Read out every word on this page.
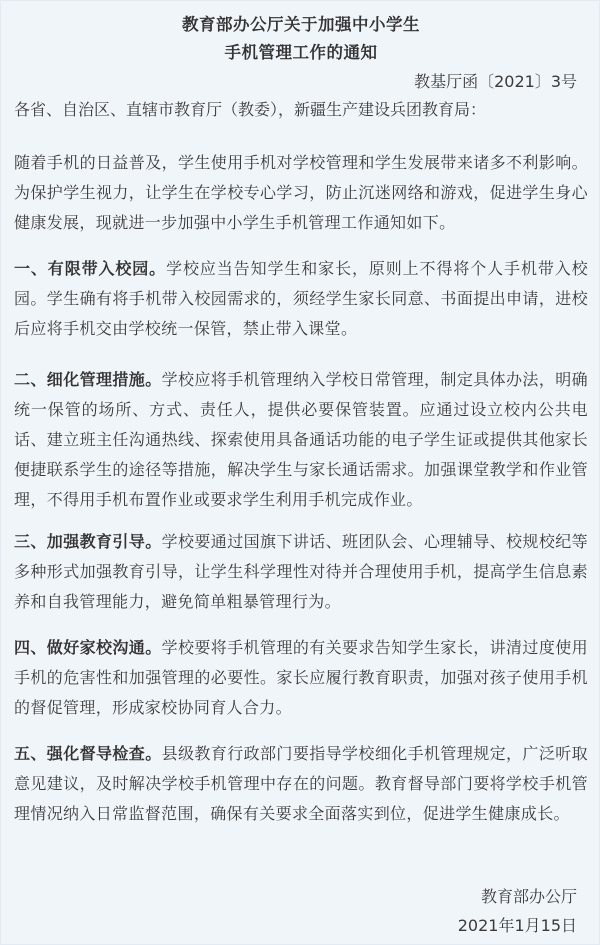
教育部办公厅关于加强中小学生
手机管理工作的通知
教基厅函〔2021〕3号
各省、自治区、直辖市教育厅（教委），新疆生产建设兵团教育局：
随着手机的日益普及，学生使用手机对学校管理和学生发展带来诸多不利影响。为保护学生视力，让学生在学校专心学习，防止沉迷网络和游戏，促进学生身心健康发展，现就进一步加强中小学生手机管理工作通知如下。
一、有限带入校园。学校应当告知学生和家长，原则上不得将个人手机带入校园。学生确有将手机带入校园需求的，须经学生家长同意、书面提出申请，进校后应将手机交由学校统一保管，禁止带入课堂。
二、细化管理措施。学校应将手机管理纳入学校日常管理，制定具体办法，明确统一保管的场所、方式、责任人，提供必要保管装置。应通过设立校内公共电话、建立班主任沟通热线、探索使用具备通话功能的电子学生证或提供其他家长便捷联系学生的途径等措施，解决学生与家长通话需求。加强课堂教学和作业管理，不得用手机布置作业或要求学生利用手机完成作业。
三、加强教育引导。学校要通过国旗下讲话、班团队会、心理辅导、校规校纪等多种形式加强教育引导，让学生科学理性对待并合理使用手机，提高学生信息素养和自我管理能力，避免简单粗暴管理行为。
四、做好家校沟通。学校要将手机管理的有关要求告知学生家长，讲清过度使用手机的危害性和加强管理的必要性。家长应履行教育职责，加强对孩子使用手机的督促管理，形成家校协同育人合力。
五、强化督导检查。县级教育行政部门要指导学校细化手机管理规定，广泛听取意见建议，及时解决学校手机管理中存在的问题。教育督导部门要将学校手机管理情况纳入日常监督范围，确保有关要求全面落实到位，促进学生健康成长。
教育部办公厅
2021年1月15日
